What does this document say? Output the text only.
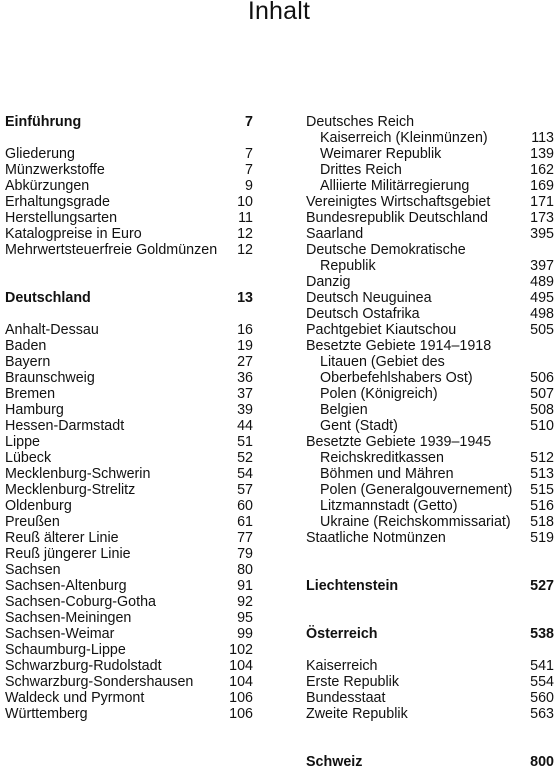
Inhalt
Einführung	7
Gliederung	7
Münzwerkstoffe	7
Abkürzungen	9
Erhaltungsgrade	10
Herstellungsarten	11
Katalogpreise in Euro	12
Mehrwertsteuerfreie Goldmünzen	12
Deutschland	13
Anhalt-Dessau	16
Baden	19
Bayern	27
Braunschweig	36
Bremen	37
Hamburg	39
Hessen-Darmstadt	44
Lippe	51
Lübeck	52
Mecklenburg-Schwerin	54
Mecklenburg-Strelitz	57
Oldenburg	60
Preußen	61
Reuß älterer Linie	77
Reuß jüngerer Linie	79
Sachsen	80
Sachsen-Altenburg	91
Sachsen-Coburg-Gotha	92
Sachsen-Meiningen	95
Sachsen-Weimar	99
Schaumburg-Lippe	102
Schwarzburg-Rudolstadt	104
Schwarzburg-Sondershausen	104
Waldeck und Pyrmont	106
Württemberg	106
Deutsches Reich
Kaiserreich (Kleinmünzen)	113
Weimarer Republik	139
Drittes Reich	162
Alliierte Militärregierung	169
Vereinigtes Wirtschaftsgebiet	171
Bundesrepublik Deutschland	173
Saarland	395
Deutsche Demokratische
Republik	397
Danzig	489
Deutsch Neuguinea	495
Deutsch Ostafrika	498
Pachtgebiet Kiautschou	505
Besetzte Gebiete 1914–1918
Litauen (Gebiet des
Oberbefehlshabers Ost)	506
Polen (Königreich)	507
Belgien	508
Gent (Stadt)	510
Besetzte Gebiete 1939–1945
Reichskreditkassen	512
Böhmen und Mähren	513
Polen (Generalgouvernement)	515
Litzmannstadt (Getto)	516
Ukraine (Reichskommissariat)	518
Staatliche Notmünzen	519
Liechtenstein	527
Österreich	538
Kaiserreich	541
Erste Republik	554
Bundesstaat	560
Zweite Republik	563
Schweiz	800
